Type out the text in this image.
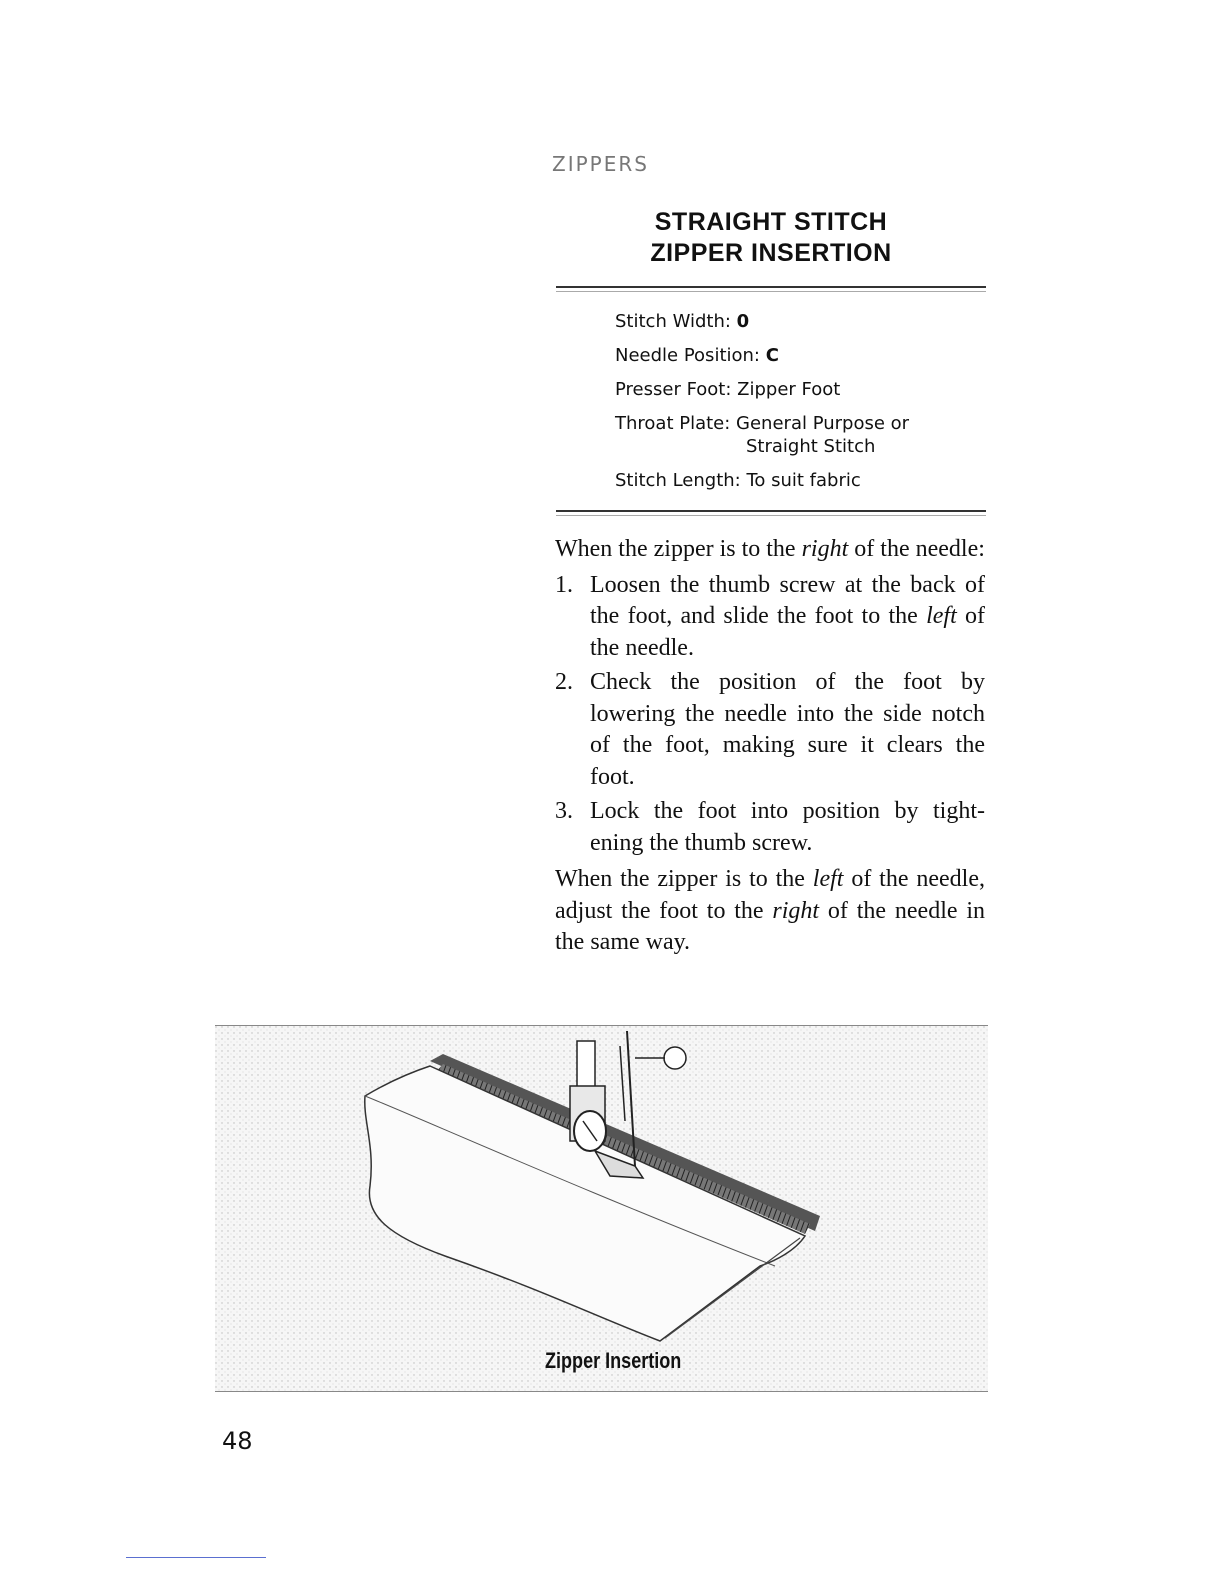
ZIPPERS
STRAIGHT STITCH
ZIPPER INSERTION
Stitch Width: 0
Needle Position: C
Presser Foot: Zipper Foot
Throat Plate: General Purpose or
Straight Stitch
Stitch Length: To suit fabric

When the zipper is to the right of the needle:

1. Loosen the thumb screw at the back of the foot, and slide the foot to the left of the needle.
2. Check the position of the foot by lowering the needle into the side notch of the foot, making sure it clears the foot.
3. Lock the foot into position by tight-ening the thumb screw.

When the zipper is to the left of the needle, adjust the foot to the right of the needle in the same way.

Zipper Insertion
48
